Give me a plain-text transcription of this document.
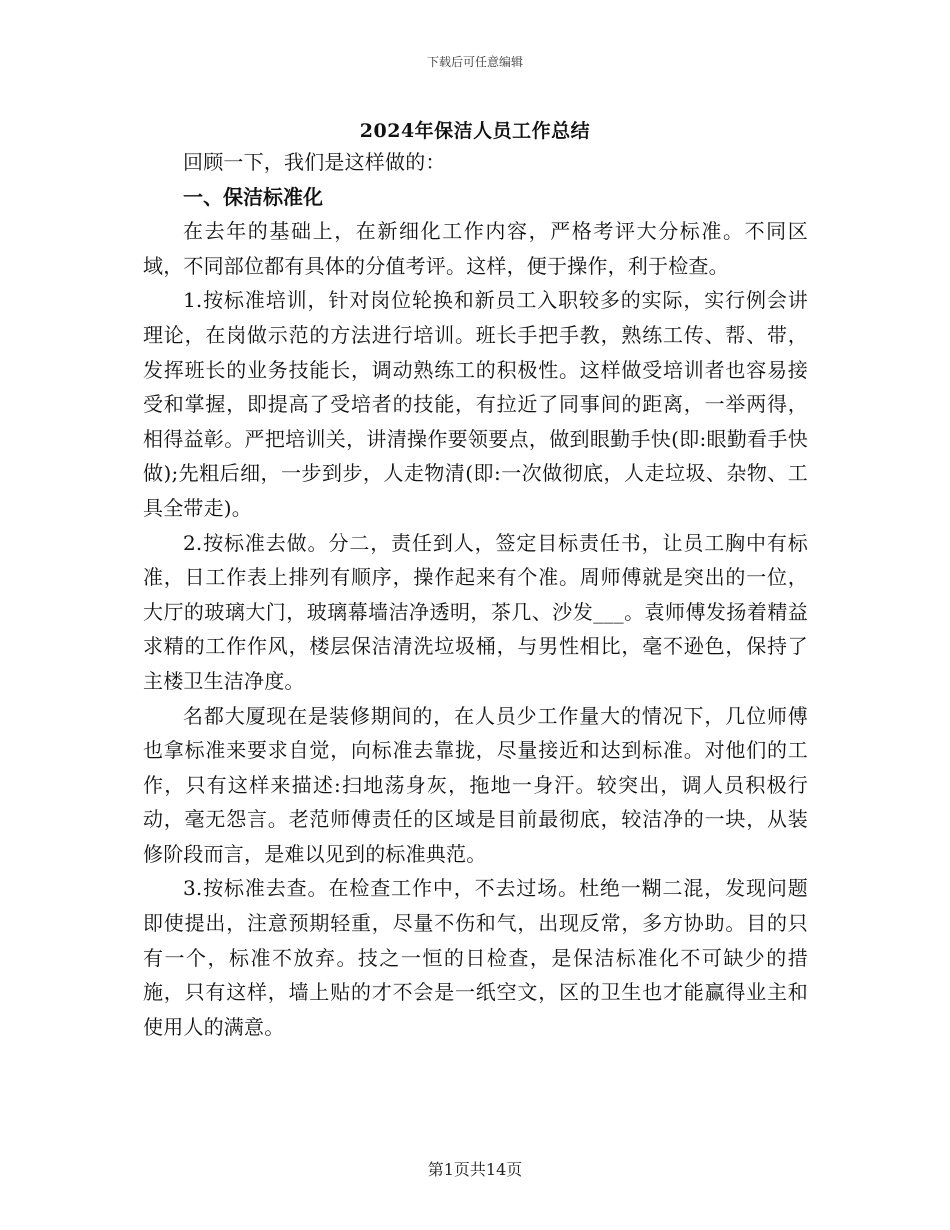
下载后可任意编辑
2024年保洁人员工作总结

回顾一下，我们是这样做的：

一、保洁标准化

在去年的基础上，在新细化工作内容，严格考评大分标准。不同区域，不同部位都有具体的分值考评。这样，便于操作，利于检查。

1.按标准培训，针对岗位轮换和新员工入职较多的实际，实行例会讲理论，在岗做示范的方法进行培训。班长手把手教，熟练工传、帮、带，发挥班长的业务技能长，调动熟练工的积极性。这样做受培训者也容易接受和掌握，即提高了受培者的技能，有拉近了同事间的距离，一举两得，相得益彰。严把培训关，讲清操作要领要点，做到眼勤手快(即:眼勤看手快做);先粗后细，一步到步，人走物清(即:一次做彻底，人走垃圾、杂物、工具全带走)。

2.按标准去做。分二，责任到人，签定目标责任书，让员工胸中有标准，日工作表上排列有顺序，操作起来有个准。周师傅就是突出的一位，大厅的玻璃大门，玻璃幕墙洁净透明，茶几、沙发___。袁师傅发扬着精益求精的工作作风，楼层保洁清洗垃圾桶，与男性相比，毫不逊色，保持了主楼卫生洁净度。

名都大厦现在是装修期间的，在人员少工作量大的情况下，几位师傅也拿标准来要求自觉，向标准去靠拢，尽量接近和达到标准。对他们的工作，只有这样来描述:扫地荡身灰，拖地一身汗。较突出，调人员积极行动，毫无怨言。老范师傅责任的区域是目前最彻底，较洁净的一块，从装修阶段而言，是难以见到的标准典范。

3.按标准去查。在检查工作中，不去过场。杜绝一糊二混，发现问题即使提出，注意预期轻重，尽量不伤和气，出现反常，多方协助。目的只有一个，标准不放弃。技之一恒的日检查，是保洁标准化不可缺少的措施，只有这样，墙上贴的才不会是一纸空文，区的卫生也才能赢得业主和使用人的满意。

第1页共14页
